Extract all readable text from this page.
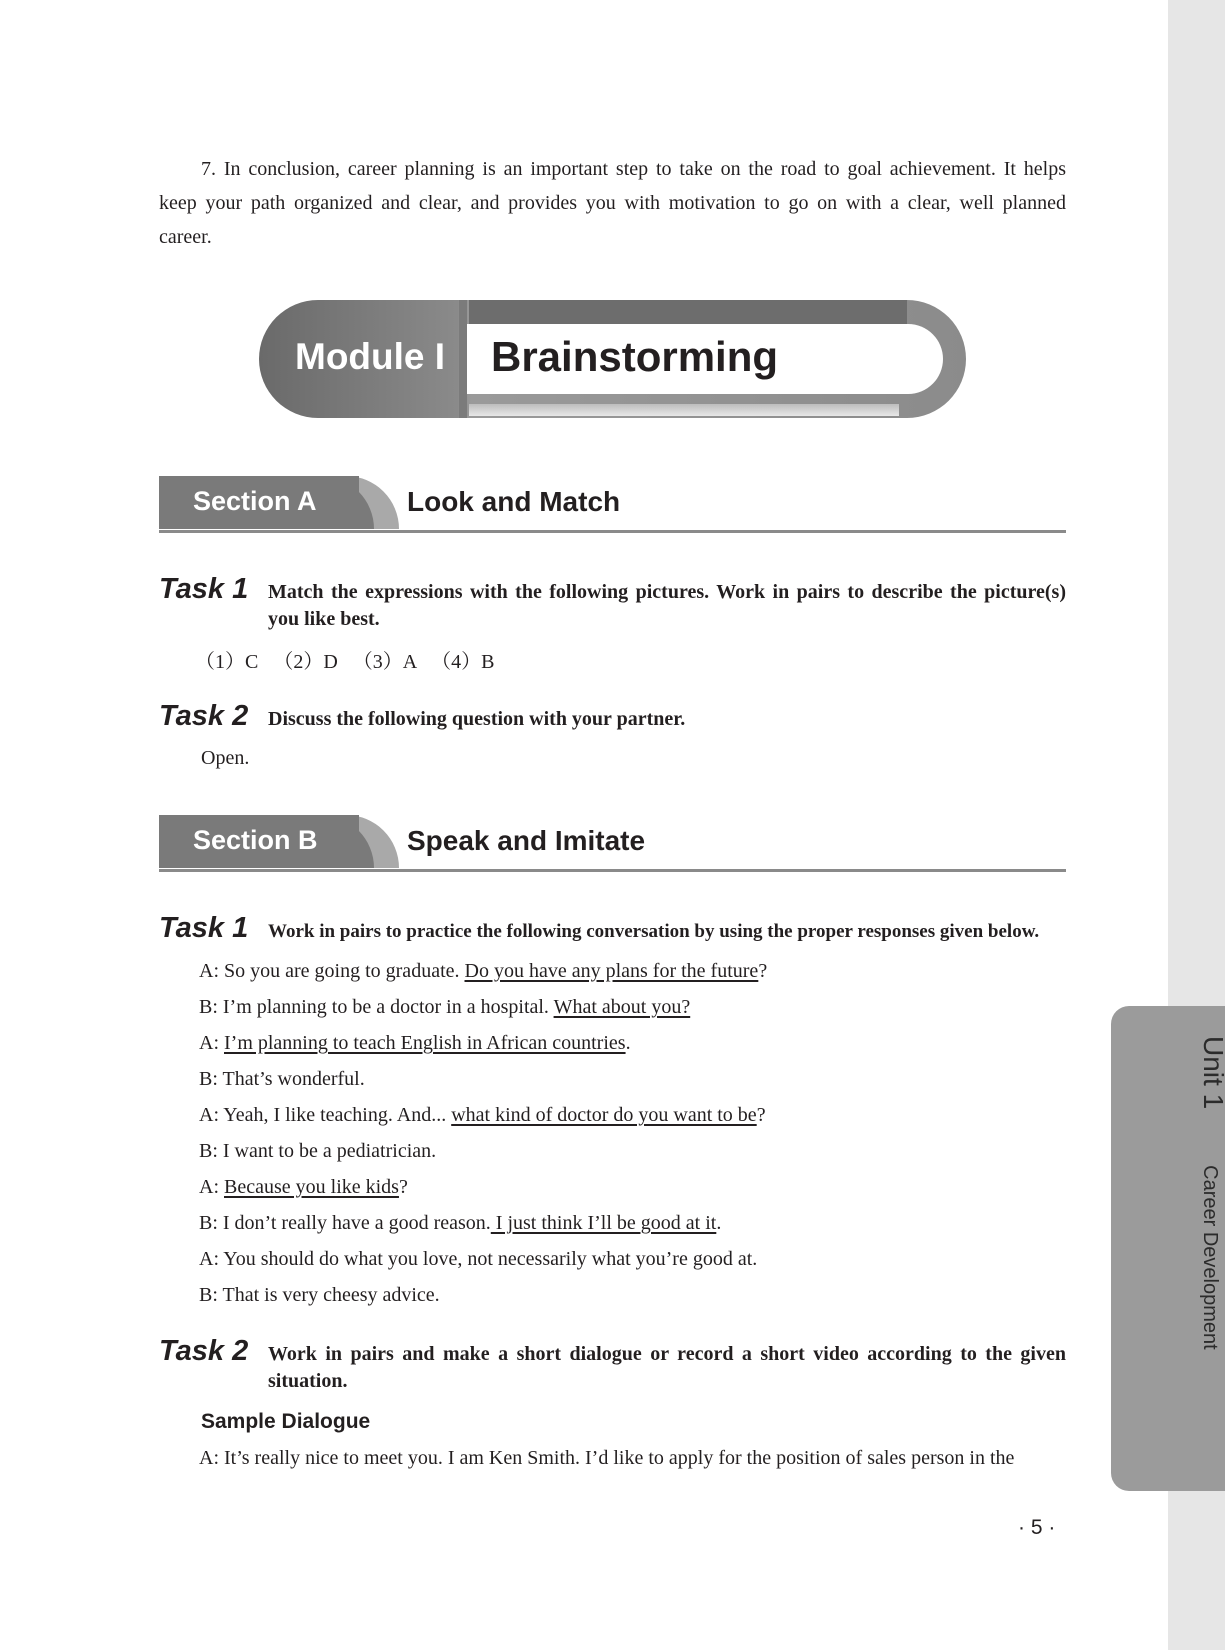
Unit 1
Career Development

7. In conclusion, career planning is an important step to take on the road to goal achievement. It helps keep your path organized and clear, and provides you with motivation to go on with a clear, well planned career.

Module I Brainstorming
Section A	Look and Match
Task 1 Match the expressions with the following pictures. Work in pairs to describe the picture(s) you like best.

（1）C （2）D （3）A （4）B

Task 2 Discuss the following question with your partner.

Open.

Section B	Speak and Imitate
Task 1 Work in pairs to practice the following conversation by using the proper responses given below.

A: So you are going to graduate. Do you have any plans for the future?

B: I’m planning to be a doctor in a hospital. What about you?

A: I’m planning to teach English in African countries.

B: That’s wonderful.

A: Yeah, I like teaching. And... what kind of doctor do you want to be?

B: I want to be a pediatrician.

A: Because you like kids?

B: I don’t really have a good reason. I just think I’ll be good at it.

A: You should do what you love, not necessarily what you’re good at.

B: That is very cheesy advice.

Task 2 Work in pairs and make a short dialogue or record a short video according to the given situation.

Sample Dialogue

A: It’s really nice to meet you. I am Ken Smith. I’d like to apply for the position of sales person in the

· 5 ·
